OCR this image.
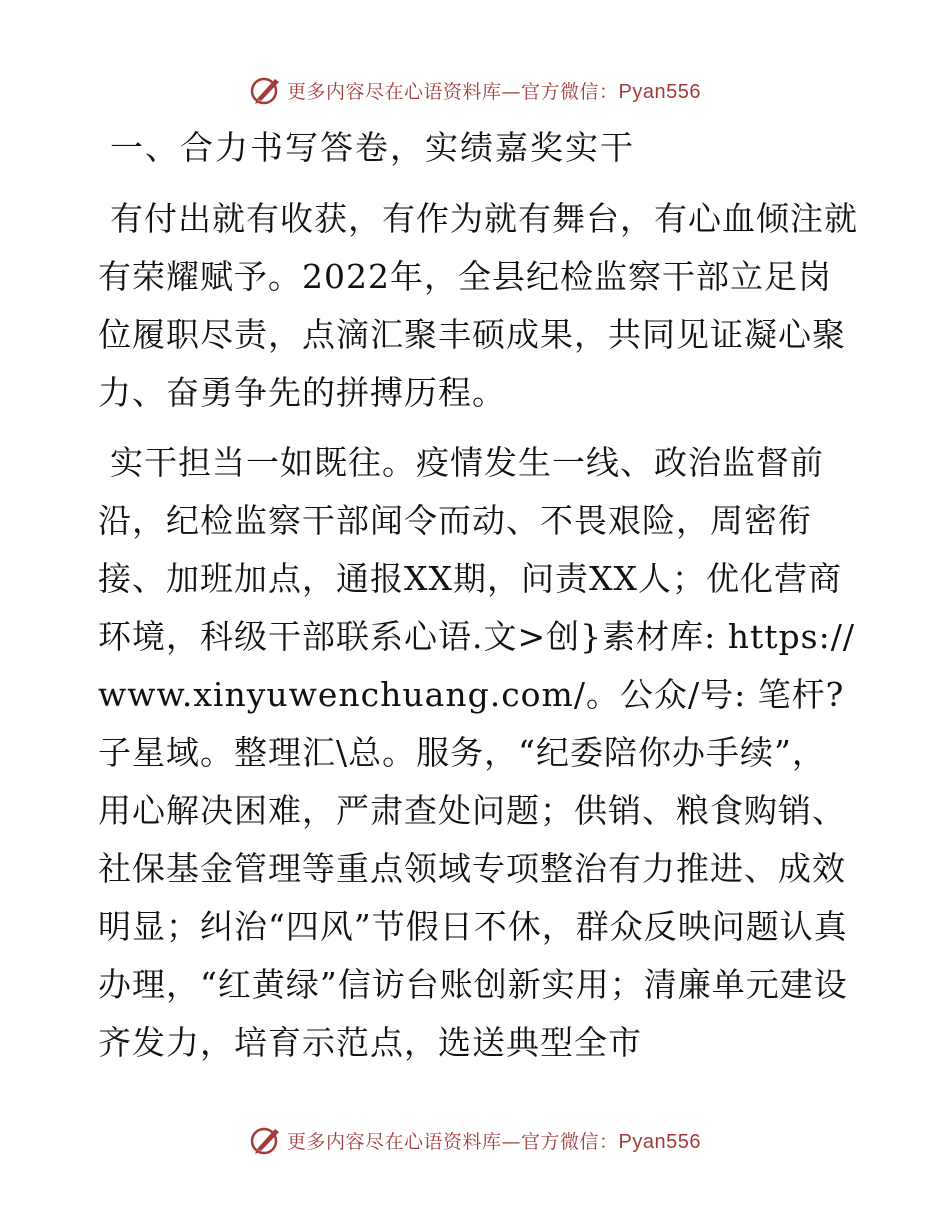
更多内容尽在心语资料库—官方微信：Pyan556
一、合力书写答卷，实绩嘉奖实干

有付出就有收获，有作为就有舞台，有心血倾注就有荣耀赋予。2022年，全县纪检监察干部立足岗位履职尽责，点滴汇聚丰硕成果，共同见证凝心聚力、奋勇争先的拼搏历程。

实干担当一如既往。疫情发生一线、政治监督前沿，纪检监察干部闻令而动、不畏艰险，周密衔接、加班加点，通报XX期，问责XX人；优化营商环境，科级干部联系心语.文>创}素材库: https://www.xinyuwenchuang.com/。公众/号: 笔杆?子星域。整理汇\总。服务，“纪委陪你办手续”，用心解决困难，严肃查处问题；供销、粮食购销、社保基金管理等重点领域专项整治有力推进、成效明显；纠治“四风”节假日不休，群众反映问题认真办理，“红黄绿”信访台账创新实用；清廉单元建设齐发力，培育示范点，选送典型全市

更多内容尽在心语资料库—官方微信：Pyan556
